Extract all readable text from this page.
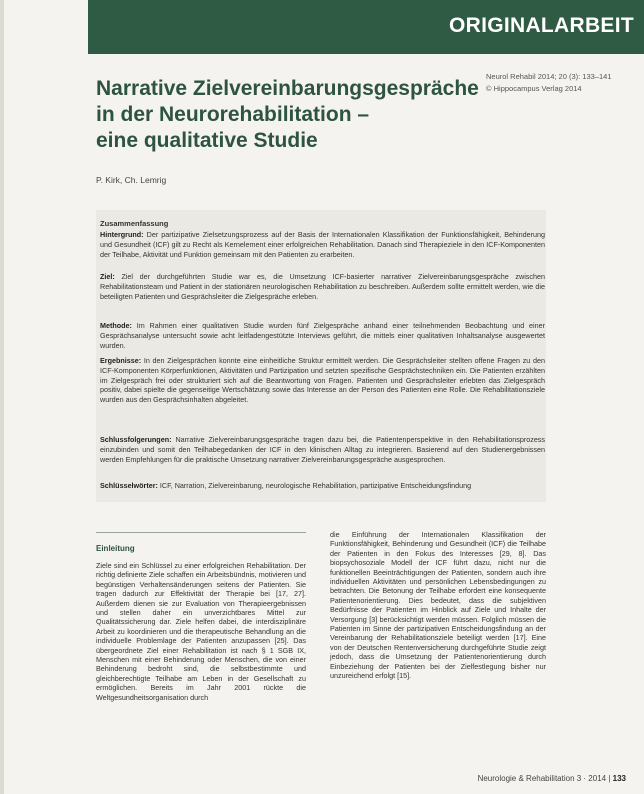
ORIGINALARBEIT
Narrative Zielvereinbarungsgespräche
in der Neurorehabilitation –
eine qualitative Studie
Neurol Rehabil 2014; 20 (3): 133–141
© Hippocampus Verlag 2014
P. Kirk, Ch. Lemrig
Zusammenfassung

Hintergrund: Der partizipative Zielsetzungsprozess auf der Basis der Internationalen Klassifikation der Funktionsfähigkeit, Behinderung und Gesundheit (ICF) gilt zu Recht als Kernelement einer erfolgreichen Rehabilitation. Danach sind Therapieziele in den ICF-Komponenten der Teilhabe, Aktivität und Funktion gemeinsam mit den Patienten zu erarbeiten.

Ziel: Ziel der durchgeführten Studie war es, die Umsetzung ICF-basierter narrativer Zielvereinbarungsgespräche zwischen Rehabilitationsteam und Patient in der stationären neurologischen Rehabilitation zu beschreiben. Außerdem sollte ermittelt werden, wie die beteiligten Patienten und Gesprächsleiter die Zielgespräche erleben.

Methode: Im Rahmen einer qualitativen Studie wurden fünf Zielgespräche anhand einer teilnehmenden Beobachtung und einer Gesprächsanalyse untersucht sowie acht leitfadengestützte Interviews geführt, die mittels einer qualitativen Inhaltsanalyse ausgewertet wurden.

Ergebnisse: In den Zielgesprächen konnte eine einheitliche Struktur ermittelt werden. Die Gesprächsleiter stellten offene Fragen zu den ICF-Komponenten Körperfunktionen, Aktivitäten und Partizipation und setzten spezifische Gesprächstechniken ein. Die Patienten erzählten im Zielgespräch frei oder strukturiert sich auf die Beantwortung von Fragen. Patienten und Gesprächsleiter erlebten das Zielgespräch positiv, dabei spielte die gegenseitige Wertschätzung sowie das Interesse an der Person des Patienten eine Rolle. Die Rehabilitationsziele wurden aus den Gesprächsinhalten abgeleitet.

Schlussfolgerungen: Narrative Zielvereinbarungsgespräche tragen dazu bei, die Patientenperspektive in den Rehabilitationsprozess einzubinden und somit den Teilhabegedanken der ICF in den klinischen Alltag zu integrieren. Basierend auf den Studienergebnissen werden Empfehlungen für die praktische Umsetzung narrativer Zielvereinbarungsgespräche ausgesprochen.

Schlüsselwörter: ICF, Narration, Zielvereinbarung, neurologische Rehabilitation, partizipative Entscheidungsfindung

Einleitung

Ziele sind ein Schlüssel zu einer erfolgreichen Rehabilitation. Der richtig definierte Ziele schaffen ein Arbeitsbündnis, motivieren und begünstigen Verhaltensänderungen seitens der Patienten. Sie tragen dadurch zur Effektivität der Therapie bei [17, 27]. Außerdem dienen sie zur Evaluation von Therapieergebnissen und stellen daher ein unverzichtbares Mittel zur Qualitätssicherung dar. Ziele helfen dabei, die interdisziplinäre Arbeit zu koordinieren und die therapeutische Behandlung an die individuelle Problemlage der Patienten anzupassen [25]. Das übergeordnete Ziel einer Rehabilitation ist nach § 1 SGB IX, Menschen mit einer Behinderung oder Menschen, die von einer Behinderung bedroht sind, die selbstbestimmte und gleichberechtigte Teilhabe am Leben in der Gesellschaft zu ermöglichen. Bereits im Jahr 2001 rückte die Weltgesundheitsorganisation durch

die Einführung der Internationalen Klassifikation der Funktionsfähigkeit, Behinderung und Gesundheit (ICF) die Teilhabe der Patienten in den Fokus des Interesses [29, 8]. Das biopsychosoziale Modell der ICF führt dazu, nicht nur die funktionellen Beeinträchtigungen der Patienten, sondern auch ihre individuellen Aktivitäten und persönlichen Lebensbedingungen zu betrachten. Die Betonung der Teilhabe erfordert eine konsequente Patientenorientierung. Dies bedeutet, dass die subjektiven Bedürfnisse der Patienten im Hinblick auf Ziele und Inhalte der Versorgung [3] berücksichtigt werden müssen. Folglich müssen die Patienten im Sinne der partizipativen Entscheidungsfindung an der Vereinbarung der Rehabilitationsziele beteiligt werden [17]. Eine von der Deutschen Rentenversicherung durchgeführte Studie zeigt jedoch, dass die Umsetzung der Patientenorientierung durch Einbeziehung der Patienten bei der Zielfestlegung bisher nur unzureichend erfolgt [15].

Neurologie & Rehabilitation 3 · 2014 | 133
